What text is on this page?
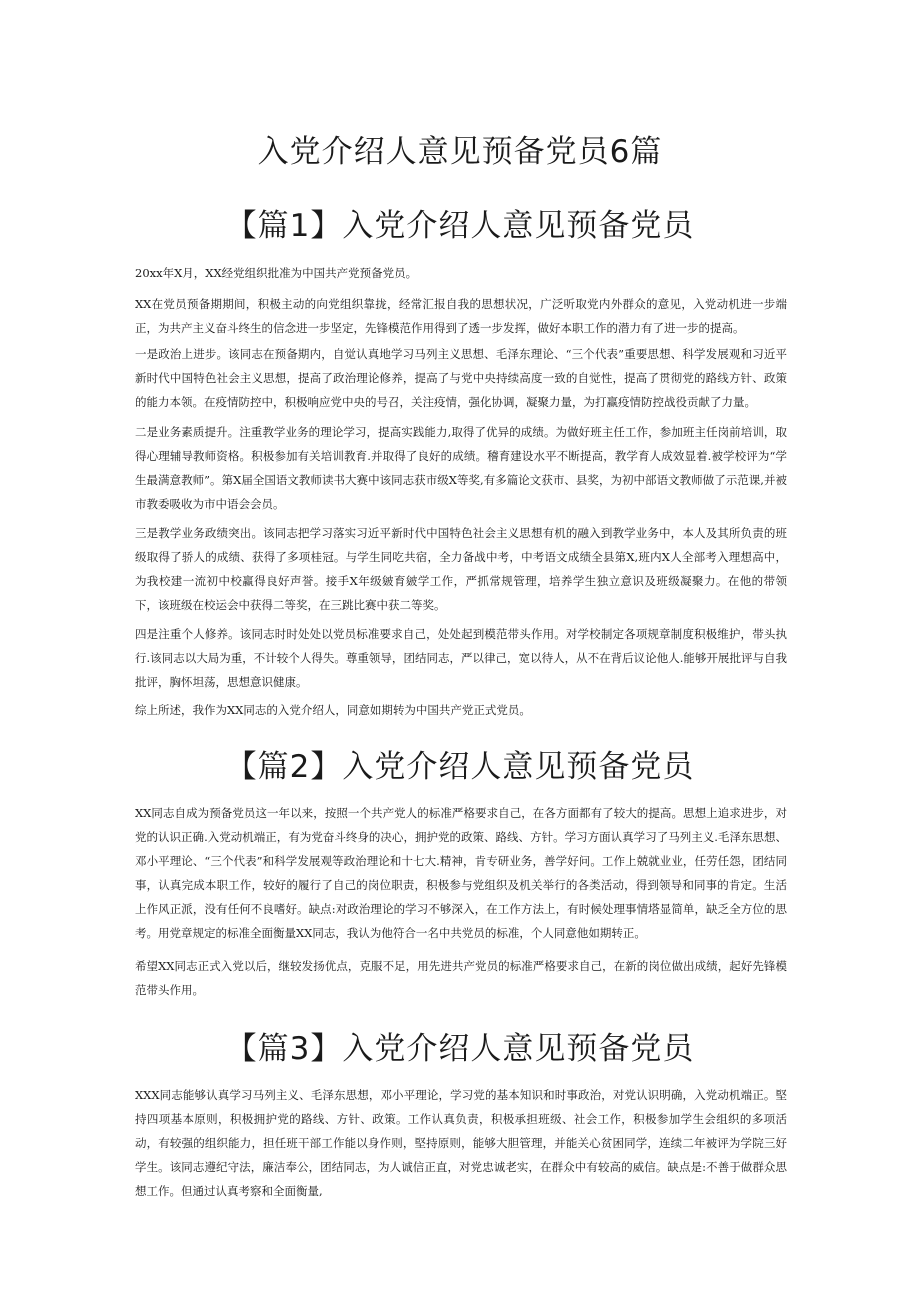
入党介绍人意见预备党员6篇
【篇1】入党介绍人意见预备党员

20xx年X月，XX经党组织批准为中国共产党预备党员。

XX在党员预备期期间，积极主动的向党组织靠拢，经常汇报自我的思想状况，广泛听取党内外群众的意见，入党动机进一步端正，为共产主义奋斗终生的信念进一步坚定，先锋模范作用得到了透一步发挥，做好本职工作的潜力有了进一步的提高。

一是政治上进步。该同志在预备期内，自觉认真地学习马列主义思想、毛泽东理论、“三个代表”重要思想、科学发展观和习近平新时代中国特色社会主义思想，提高了政治理论修养，提高了与党中央持续高度一致的自觉性，提高了贯彻党的路线方针、政策的能力本领。在疫情防控中，积极响应党中央的号召，关注疫情，强化协调，凝聚力量，为打赢疫情防控战役贡献了力量。

二是业务素质提升。注重教学业务的理论学习，提高实践能力,取得了优异的成绩。为做好班主任工作，参加班主任岗前培训，取得心理辅导教师资格。积极参加有关培训教育.并取得了良好的成绩。稽育建设水平不断提高，教学育人成效显着.被学校评为“学生最满意教师”。第X届全国语文教师读书大赛中该同志获市级X等奖,有多篇论文获市、县奖，为初中部语文教师做了示范课,并被市教委吸收为市中语会会员。

三是教学业务政绩突出。该同志把学习落实习近平新时代中国特色社会主义思想有机的融入到教学业务中，本人及其所负责的班级取得了骄人的成绩、获得了多项桂冠。与学生同吃共宿，全力备战中考，中考语文成绩全县第X,班内X人全部考入理想高中，为我校建一流初中校赢得良好声誉。接手X年级皴育皴学工作，严抓常规管理，培养学生独立意识及班级凝聚力。在他的带领下，该班级在校运会中获得二等奖，在三跳比赛中获二等奖。

四是注重个人修养。该同志时时处处以党员标准要求自己，处处起到模范带头作用。对学校制定各项规章制度积极维护，带头执行.该同志以大局为重，不计较个人得失。尊重领导，团结同志，严以律己，宽以待人，从不在背后议论他人.能够开展批评与自我批评，胸怀坦荡，思想意识健康。

综上所述，我作为XX同志的入党介绍人，同意如期转为中国共产党正式党员。

【篇2】入党介绍人意见预备党员

XX同志自成为预备党员这一年以来，按照一个共产党人的标准严格要求自己，在各方面都有了较大的提高。思想上追求进步，对党的认识正确.入党动机端正，有为党奋斗终身的决心，拥护党的政策、路线、方针。学习方面认真学习了马列主义.毛泽东思想、邓小平理论、“三个代表”和科学发展观等政治理论和十七大.精神，肯专研业务，善学好问。工作上兢就业业，任劳任怨，团结同事，认真完成本职工作，较好的履行了自己的岗位职责，积极参与党组织及机关举行的各类活动，得到领导和同事的肯定。生活上作风正派，没有任何不良嗜好。缺点:对政治理论的学习不够深入，在工作方法上，有时候处理事情塔显简单，缺乏全方位的思考。用党章规定的标准全面衡量XX同志，我认为他符合一名中共党员的标准，个人同意他如期转正。

希望XX同志正式入党以后，继较发扬优点，克服不足，用先进共产党员的标准严格要求自己，在新的岗位做出成绩，起好先锋模范带头作用。

【篇3】入党介绍人意见预备党员

XXX同志能够认真学习马列主义、毛泽东思想，邓小平理论，学习党的基本知识和时事政治，对党认识明确，入党动机端正。堅持四项基本原则，积极拥护党的路线、方针、政策。工作认真负责，积极承担班级、社会工作，积极参加学生会组织的多项活动，有较强的组织能力，担任班干部工作能以身作则，堅持原则，能够大胆管理，并能关心贫困同学，连续二年被评为学院三好学生。该同志遵纪守法，廉洁奉公，团结同志，为人诚信正直，对党忠诚老实，在群众中有较高的威信。缺点是:不善于做群众思想工作。但通过认真考察和全面衡量,
